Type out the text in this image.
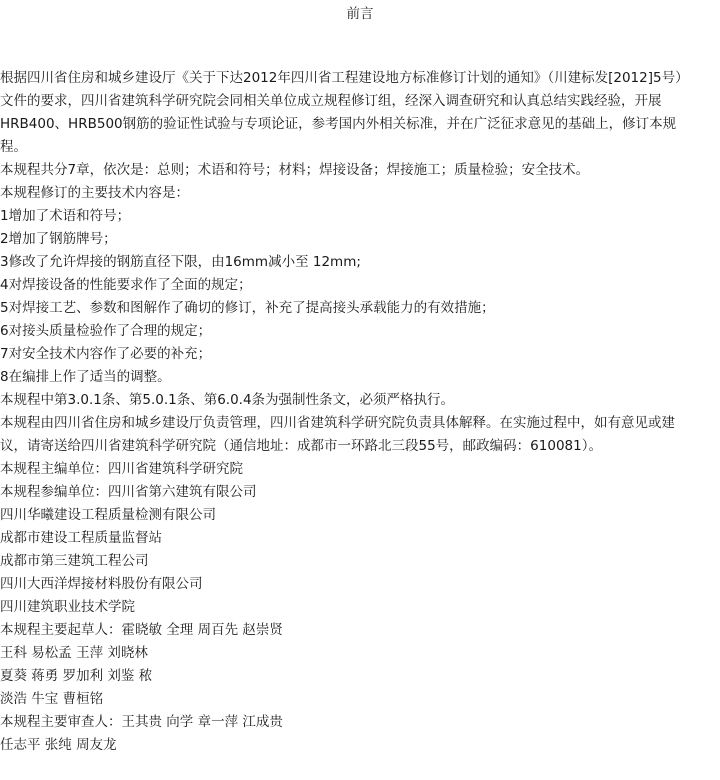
前言

根据四川省住房和城乡建设厅《关于下达2012年四川省工程建设地方标准修订计划的通知》（川建标发[2012]5号）

文件的要求，四川省建筑科学研究院会同相关单位成立规程修订组，经深入调查研究和认真总结实践经验，开展

HRB400、HRB500钢筋的验证性试验与专项论证，参考国内外相关标准，并在广泛征求意见的基础上，修订本规

程。

本规程共分7章，依次是：总则；术语和符号；材料；焊接设备；焊接施工；质量检验；安全技术。

本规程修订的主要技术内容是：

1增加了术语和符号；

2增加了钢筋牌号；

3修改了允许焊接的钢筋直径下限，由16mm减小至 12mm;

4对焊接设备的性能要求作了全面的规定；

5对焊接工艺、参数和图解作了确切的修订，补充了提高接头承载能力的有效措施；

6对接头质量检验作了合理的规定；

7对安全技术内容作了必要的补充；

8在编排上作了适当的调整。

本规程中第3.0.1条、第5.0.1条、第6.0.4条为强制性条文，必须严格执行。

本规程由四川省住房和城乡建设厅负责管理，四川省建筑科学研究院负责具体解释。在实施过程中，如有意见或建

议，请寄送给四川省建筑科学研究院（通信地址：成都市一环路北三段55号，邮政编码：610081）。

本规程主编单位：四川省建筑科学研究院

本规程参编单位：四川省第六建筑有限公司

四川华曦建设工程质量检测有限公司

成都市建设工程质量监督站

成都市第三建筑工程公司

四川大西洋焊接材料股份有限公司

四川建筑职业技术学院

本规程主要起草人：霍晓敏 全理 周百先 赵崇贤

王科 易松孟 王萍 刘晓林

夏葵 蒋勇 罗加利 刘鉴 秾

淡浩 牛宝 曹桓铭

本规程主要审查人：王其贵 向学 章一萍 江成贵

任志平 张纯 周友龙
